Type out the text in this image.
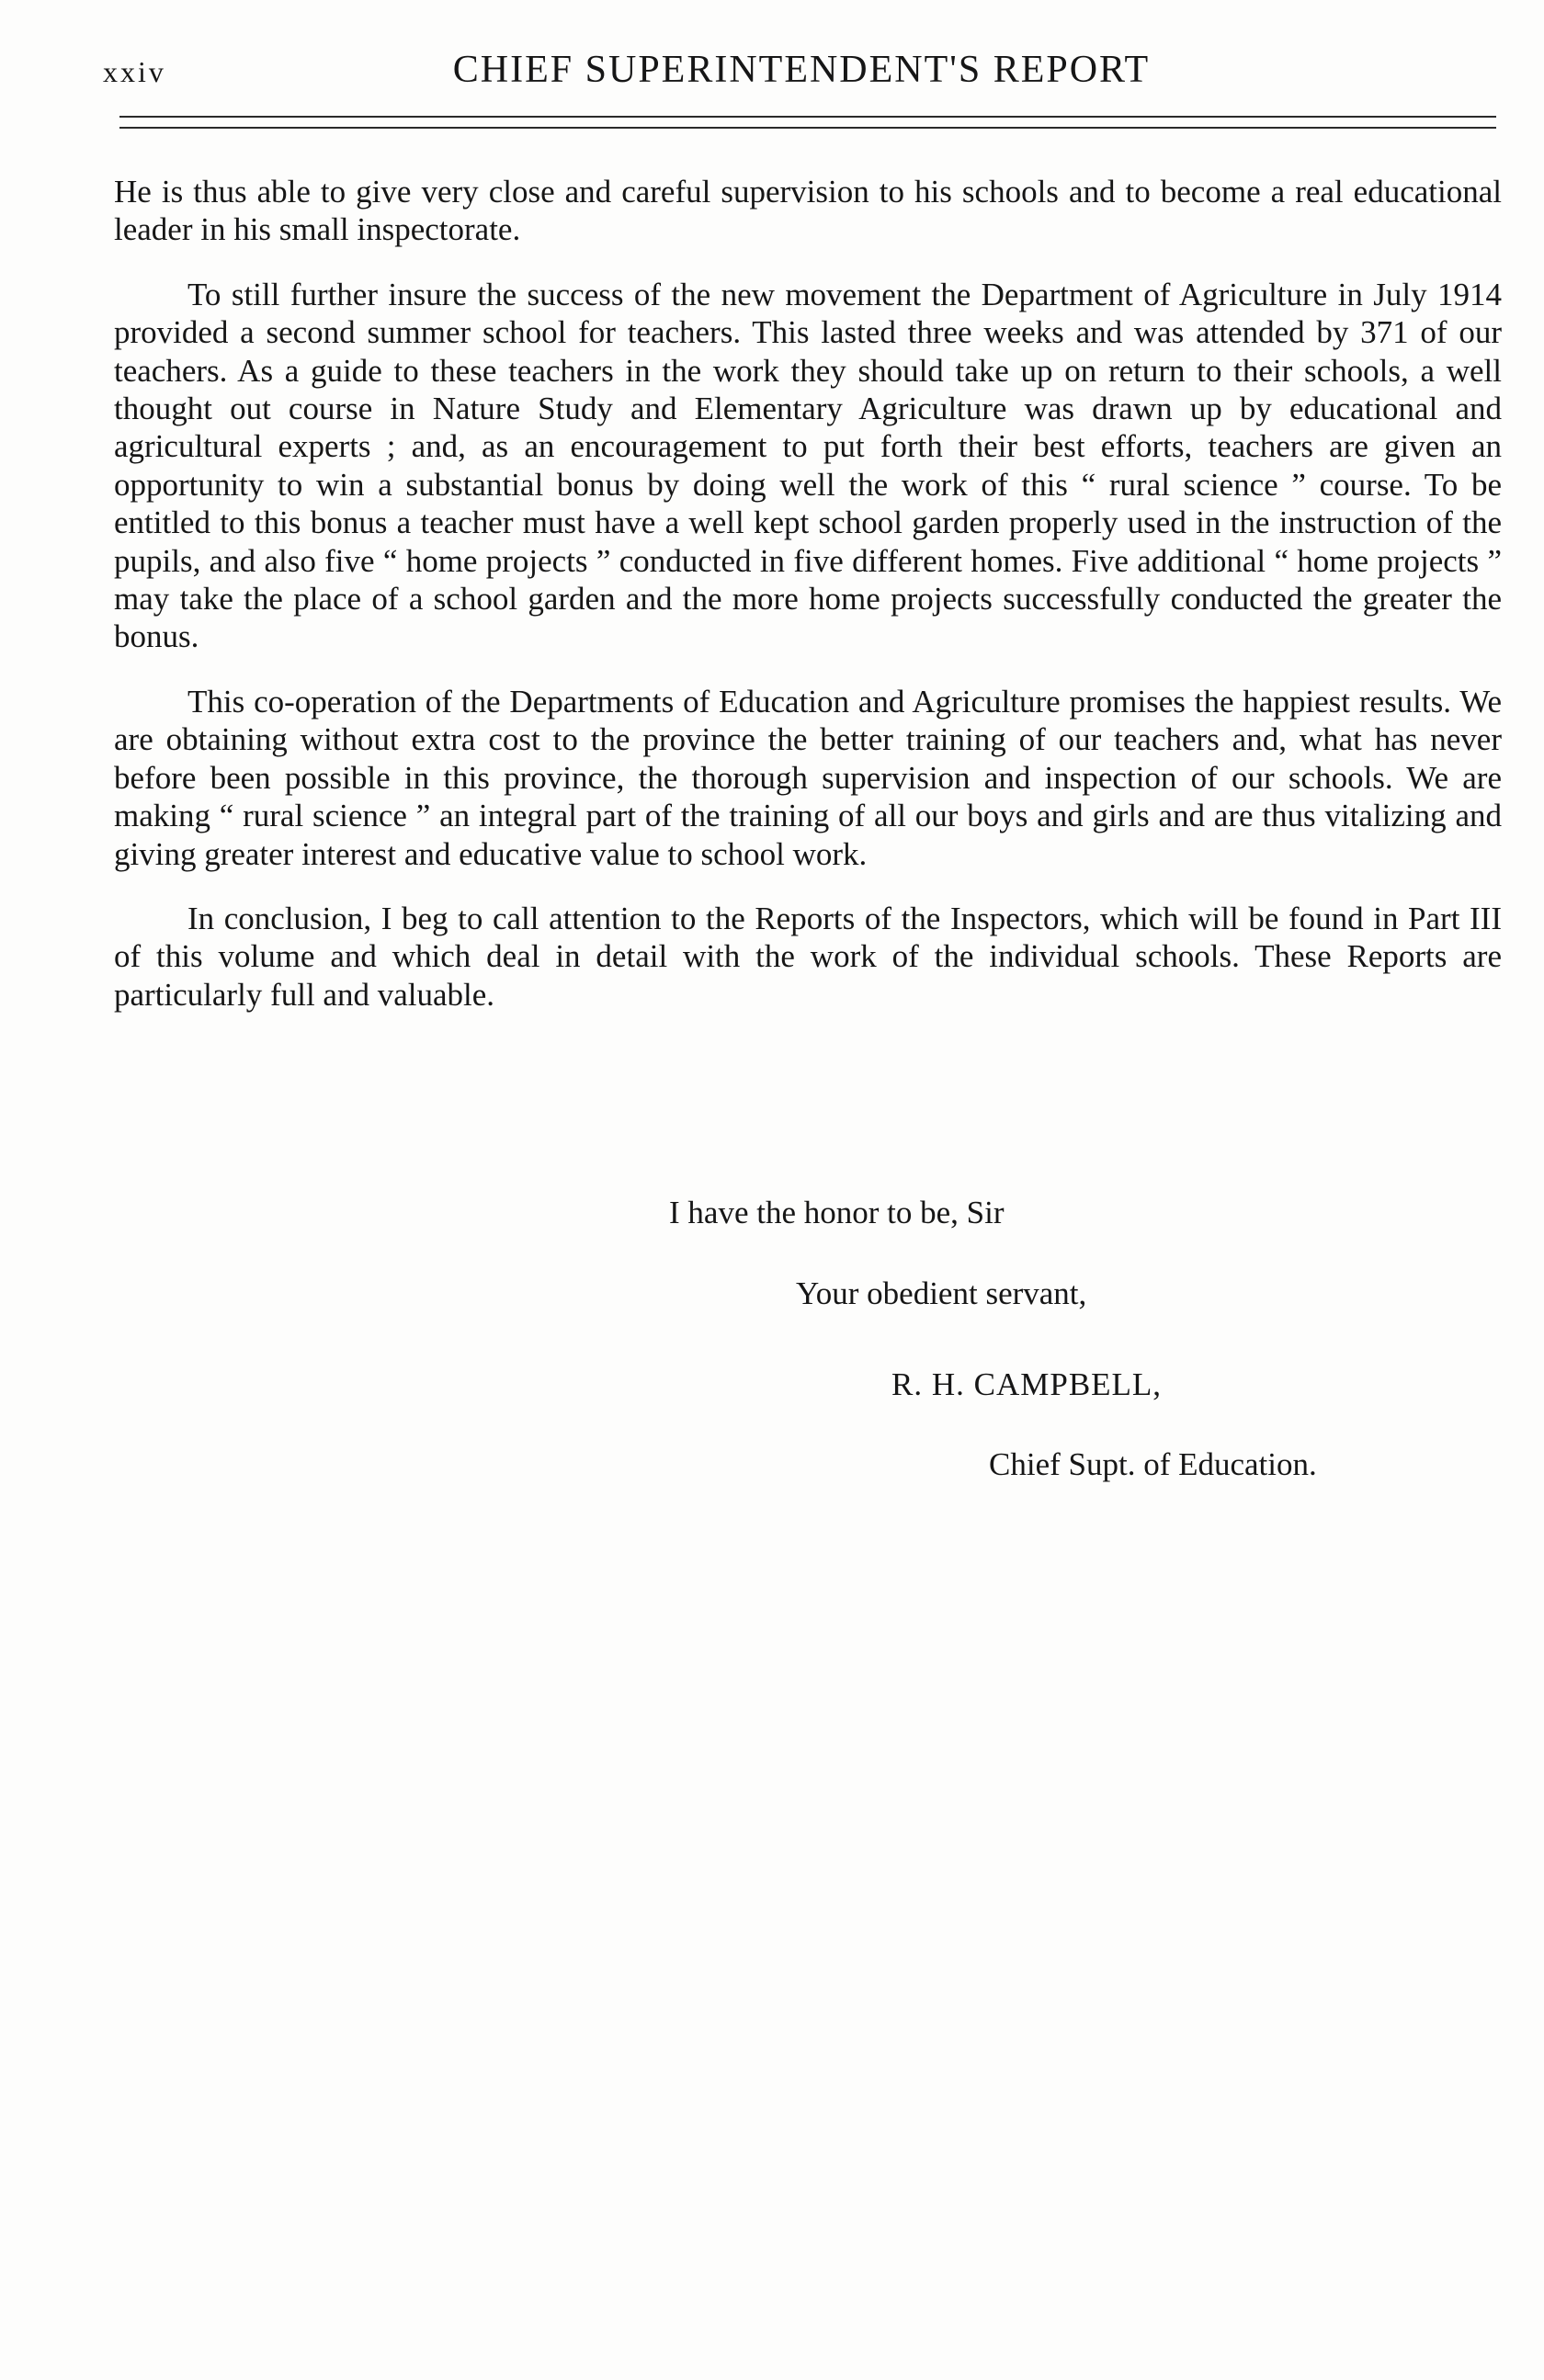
xxiv	CHIEF SUPERINTENDENT'S REPORT

He is thus able to give very close and careful supervision to his schools and to become a real educational leader in his small inspectorate.

To still further insure the success of the new movement the Department of Agriculture in July 1914 provided a second summer school for teachers. This lasted three weeks and was attended by 371 of our teachers. As a guide to these teachers in the work they should take up on return to their schools, a well thought out course in Nature Study and Elementary Agriculture was drawn up by educational and agricultural experts ; and, as an encouragement to put forth their best efforts, teachers are given an opportunity to win a substantial bonus by doing well the work of this “ rural science ” course. To be entitled to this bonus a teacher must have a well kept school garden properly used in the instruction of the pupils, and also five “ home projects ” conducted in five different homes. Five additional “ home projects ” may take the place of a school garden and the more home projects successfully conducted the greater the bonus.

This co-operation of the Departments of Education and Agriculture promises the happiest results. We are obtaining without extra cost to the province the better training of our teachers and, what has never before been possible in this province, the thorough supervision and inspection of our schools. We are making “ rural science ” an integral part of the training of all our boys and girls and are thus vitalizing and giving greater interest and educative value to school work.

In conclusion, I beg to call attention to the Reports of the Inspectors, which will be found in Part III of this volume and which deal in detail with the work of the individual schools. These Reports are particularly full and valuable.

I have the honor to be, Sir
Your obedient servant,
R. H. CAMPBELL,
Chief Supt. of Education.
